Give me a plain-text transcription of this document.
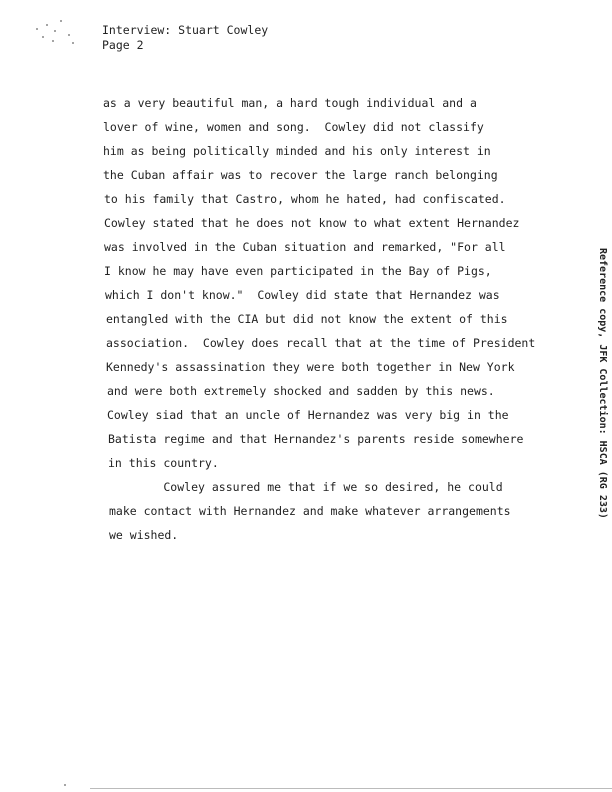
Interview: Stuart Cowley
Page 2
as a very beautiful man, a hard tough individual and a
lover of wine, women and song.  Cowley did not classify
him as being politically minded and his only interest in
the Cuban affair was to recover the large ranch belonging
to his family that Castro, whom he hated, had confiscated.
Cowley stated that he does not know to what extent Hernandez
was involved in the Cuban situation and remarked, "For all
I know he may have even participated in the Bay of Pigs,
which I don't know."  Cowley did state that Hernandez was
entangled with the CIA but did not know the extent of this
association.  Cowley does recall that at the time of President
Kennedy's assassination they were both together in New York
and were both extremely shocked and sadden by this news.
Cowley siad that an uncle of Hernandez was very big in the
Batista regime and that Hernandez's parents reside somewhere
in this country.
Cowley assured me that if we so desired, he could
make contact with Hernandez and make whatever arrangements
we wished.
Reference copy, JFK Collection: HSCA (RG 233)
